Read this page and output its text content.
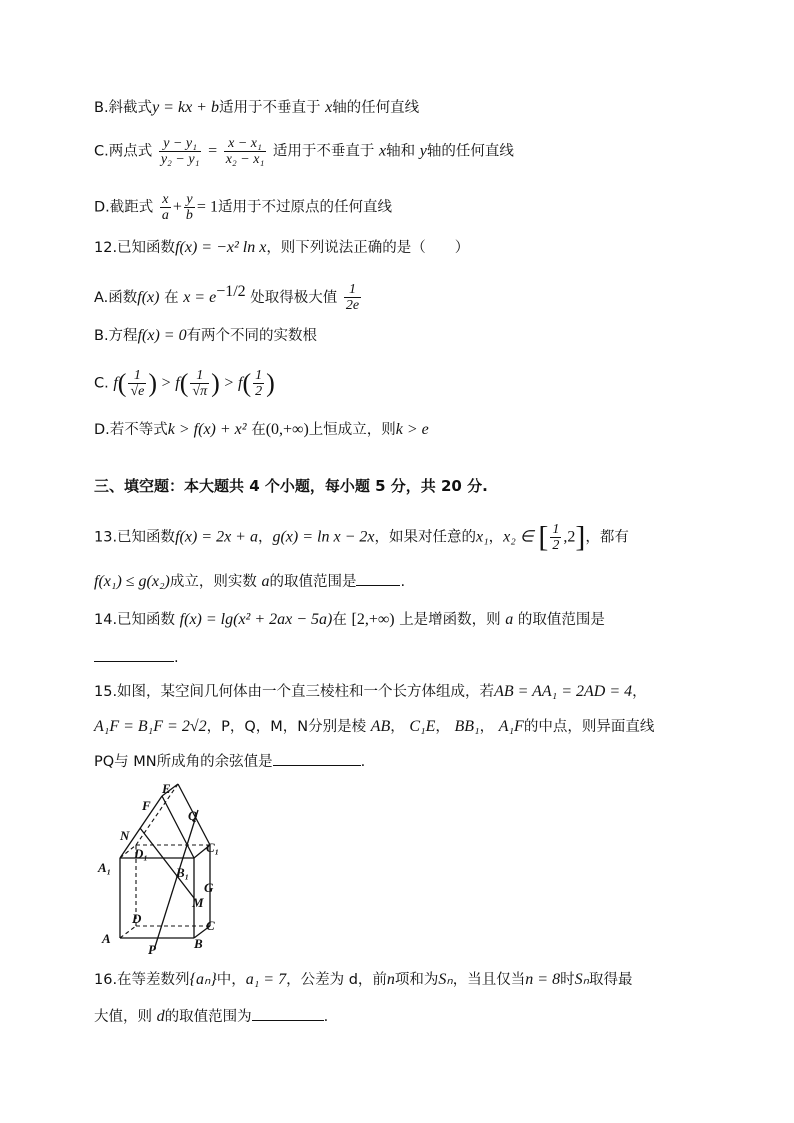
B.斜截式y = kx + b适用于不垂直于 x轴的任何直线
C.两点式 $\frac{\text{y − y₁}}{\text{y₂ − y₁}} = \frac{\text{x − x₁}}{\text{x₂ − x₁}}$ 适用于不垂直于 x轴和 y轴的任何直线
D.截距式 $\frac{x}{a} + \frac{y}{b} = 1$适用于不过原点的任何直线
12.已知函数f(x) = −x² ln x，则下列说法正确的是（　　）
A.函数f(x) 在 $x = e^{-1/2}$ 处取得极大值 $\frac{1}{2e}$
B.方程f(x) = 0有两个不同的实数根
C. $f( \frac{1}{√e}$ ) > $f( \frac{1}{√\pi}$ ) > $f( \frac{1}{2}$ )
D.若不等式k > f(x) + x² 在(0,+∞)上恒成立，则k > e
三、填空题：本大题共 4 个小题，每小题 5 分，共 20 分.
13.已知函数f(x) = 2x + a，g(x) = ln x − 2x，如果对任意的x₁，x₂ ∈ [ $\frac{1}{2} ,2$]，都有
f(x₁) ≤ g(x₂)成立，则实数 a的取值范围是	.
14.已知函数 f(x) = lg(x² + 2ax − 5a)在 [2,+∞) 上是增函数，则 a 的取值范围是
.
15.如图，某空间几何体由一个直三棱柱和一个长方体组成，若AB = AA₁ = 2AD = 4，
A₁F = B₁F = 2√2，P，Q，M，N分别是棱 AB， C₁E， BB₁， A₁F的中点，则异面直线
PQ与 MN所成角的余弦值是	.
E
F
Q
N
D₁	C₁
A₁	B₁
G
M
D	C
A	B
P
16.在等差数列{aₙ}中，a₁ = 7，公差为 d，前n项和为Sₙ，当且仅当n = 8时Sₙ取得最
大值，则 d的取值范围为	.
